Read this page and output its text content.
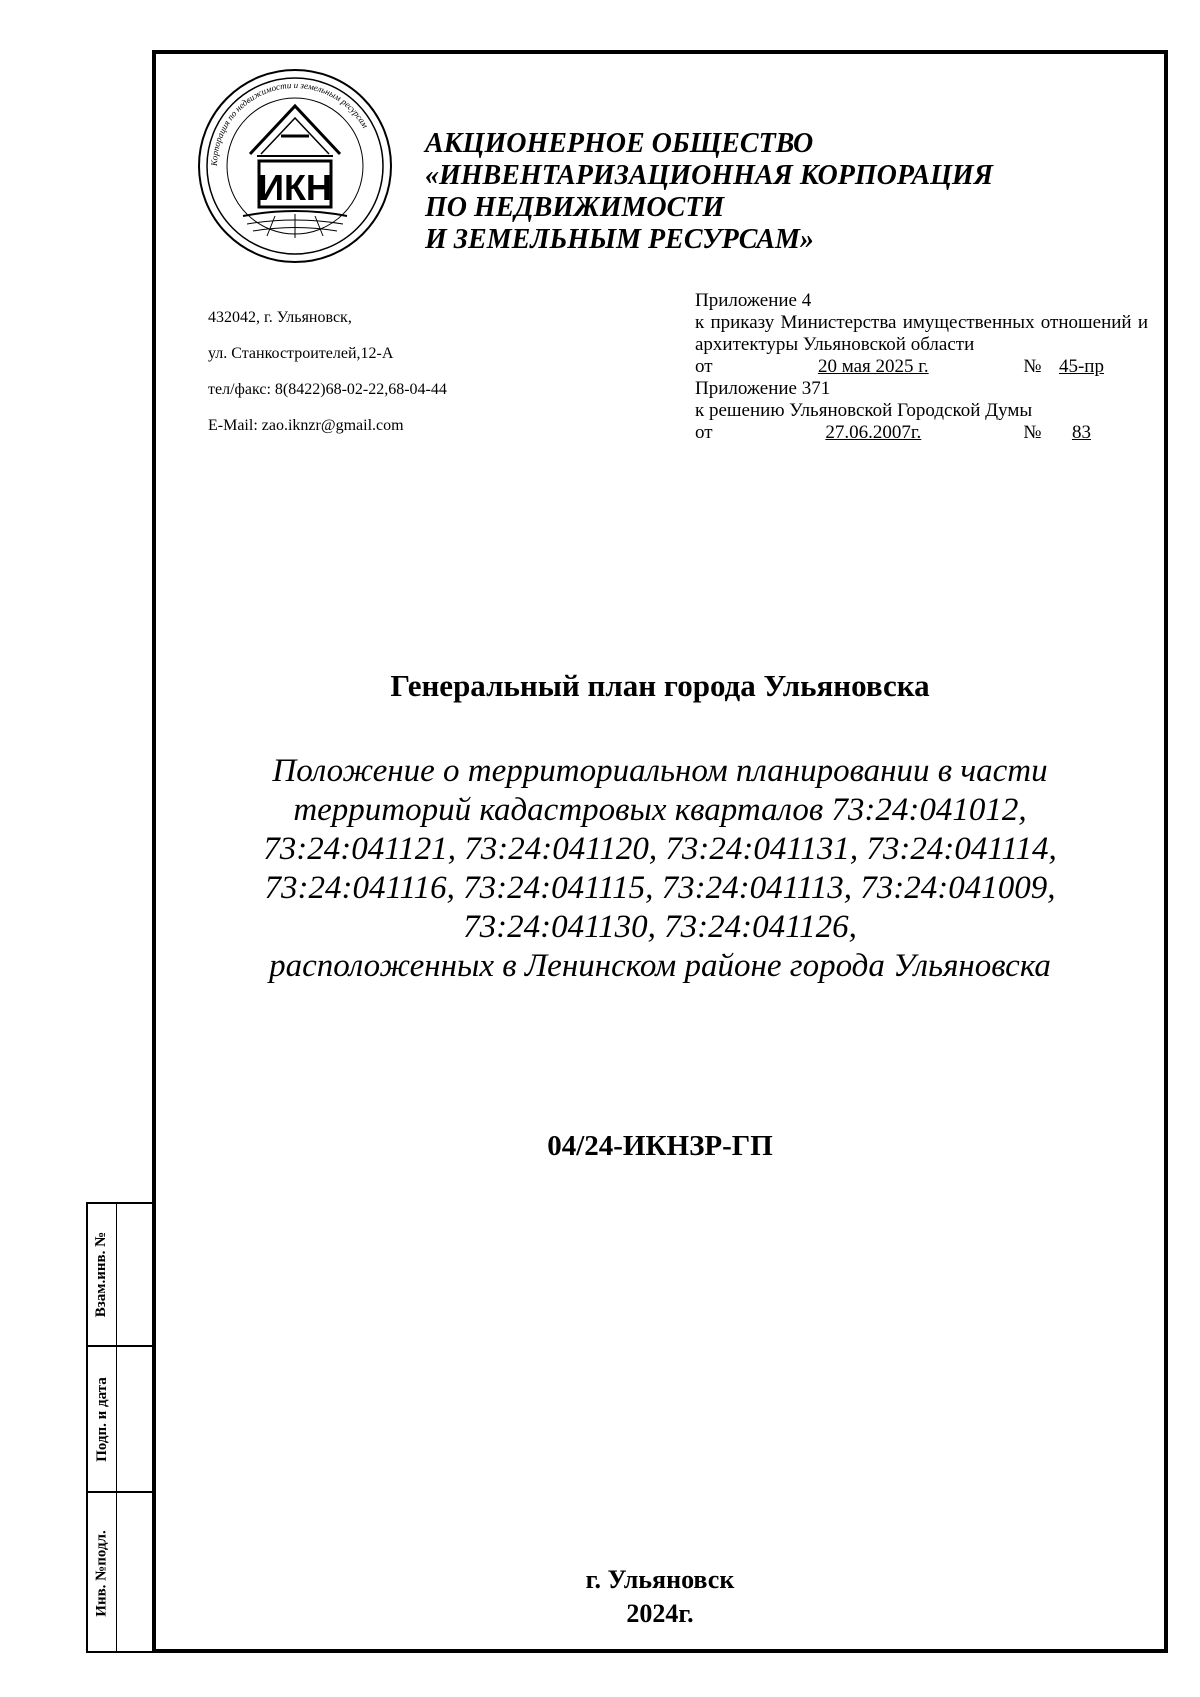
Взам.инв. №
Подп. и дата
Инв. №подл.
Корпорация по недвижимости и земельным ресурсам
ИКН
АКЦИОНЕРНОЕ ОБЩЕСТВО
«ИНВЕНТАРИЗАЦИОННАЯ КОРПОРАЦИЯ
ПО НЕДВИЖИМОСТИ
И ЗЕМЕЛЬНЫМ РЕСУРСАМ»
432042, г. Ульяновск,
ул. Станкостроителей,12-А
тел/факс: 8(8422)68-02-22,68-04-44
E-Mail: zao.iknzr@gmail.com
Приложение 4
к приказу Министерства имущественных отношений и архитектуры Ульяновской области
от	20 мая 2025 г.	№ 45-пр
Приложение 371
к решению Ульяновской Городской Думы
от	27.06.2007г.	№ 83
Генеральный план города Ульяновска
Положение о территориальном планировании в части
территорий кадастровых кварталов 73:24:041012,
73:24:041121, 73:24:041120, 73:24:041131, 73:24:041114,
73:24:041116, 73:24:041115, 73:24:041113, 73:24:041009,
73:24:041130, 73:24:041126,
расположенных в Ленинском районе города Ульяновска
04/24-ИКНЗР-ГП
г. Ульяновск
2024г.
